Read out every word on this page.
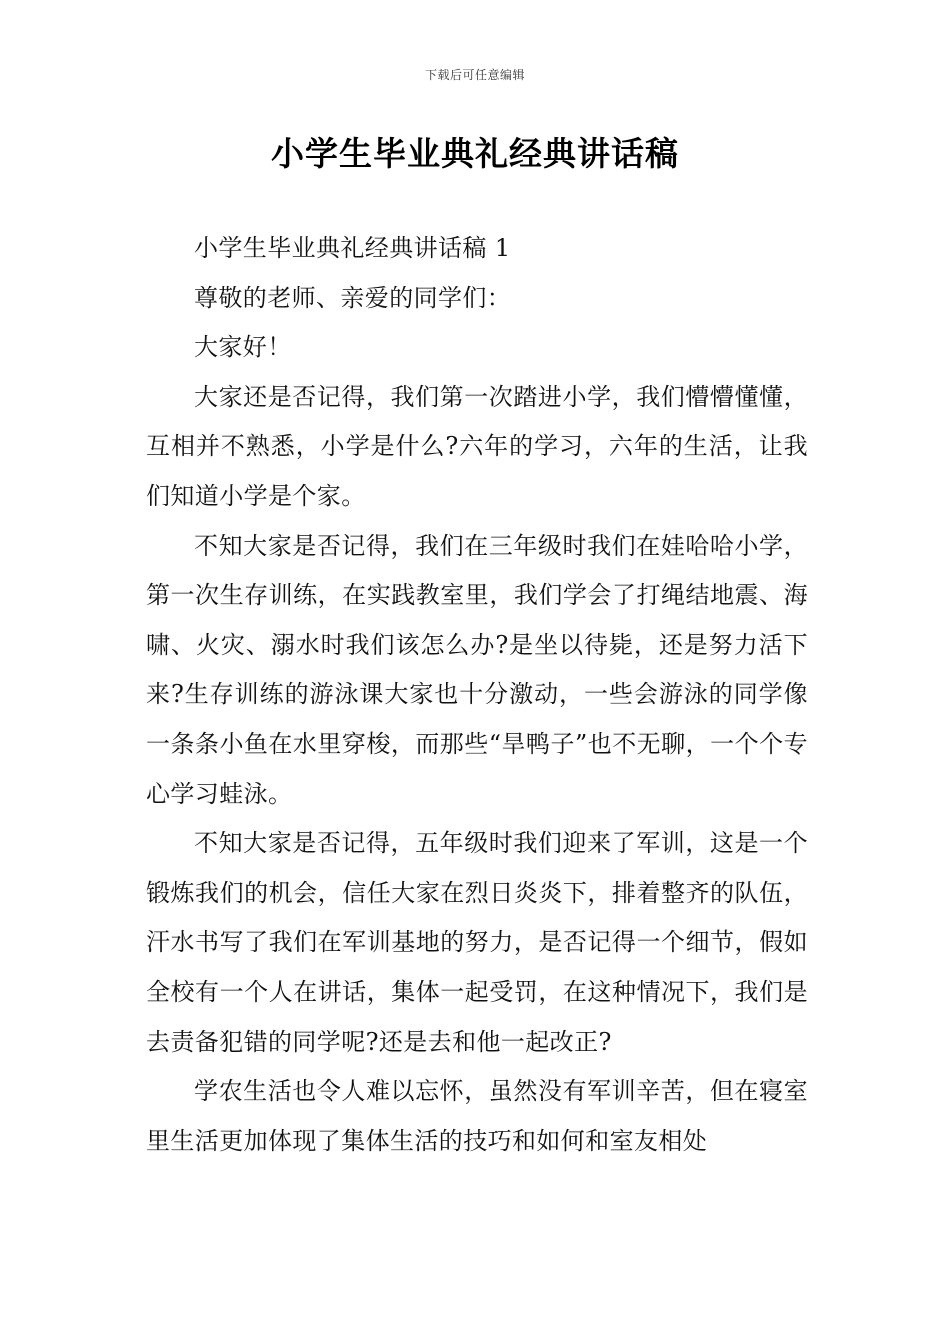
下载后可任意编辑
小学生毕业典礼经典讲话稿

小学生毕业典礼经典讲话稿 1

尊敬的老师、亲爱的同学们：

大家好！

大家还是否记得，我们第一次踏进小学，我们懵懵懂懂，互相并不熟悉，小学是什么?六年的学习，六年的生活，让我们知道小学是个家。

不知大家是否记得，我们在三年级时我们在娃哈哈小学，第一次生存训练，在实践教室里，我们学会了打绳结地震、海啸、火灾、溺水时我们该怎么办?是坐以待毙，还是努力活下来?生存训练的游泳课大家也十分激动，一些会游泳的同学像一条条小鱼在水里穿梭，而那些“旱鸭子”也不无聊，一个个专心学习蛙泳。

不知大家是否记得，五年级时我们迎来了军训，这是一个锻炼我们的机会，信任大家在烈日炎炎下，排着整齐的队伍，汗水书写了我们在军训基地的努力，是否记得一个细节，假如全校有一个人在讲话，集体一起受罚，在这种情况下，我们是去责备犯错的同学呢?还是去和他一起改正?

学农生活也令人难以忘怀，虽然没有军训辛苦，但在寝室里生活更加体现了集体生活的技巧和如何和室友相处
